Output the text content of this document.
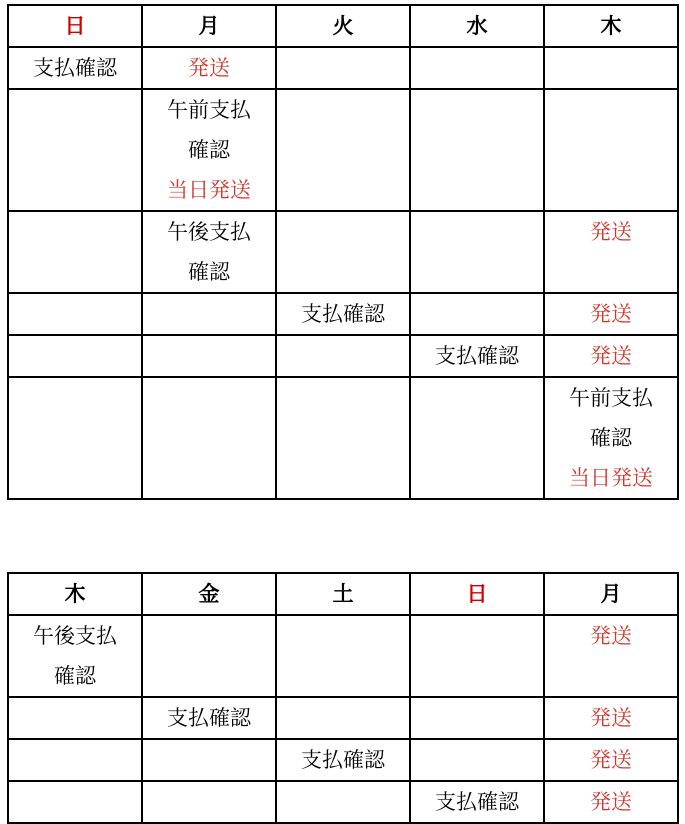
日	月	火	水	木

支払確認	発送			

	午前支払
確認
当日発送			

	午後支払
確認			発送

		支払確認		発送

			支払確認	発送

				午前支払
確認
当日発送
木	金	土	日	月

午後支払
確認				発送

	支払確認			発送

		支払確認		発送

			支払確認	発送
